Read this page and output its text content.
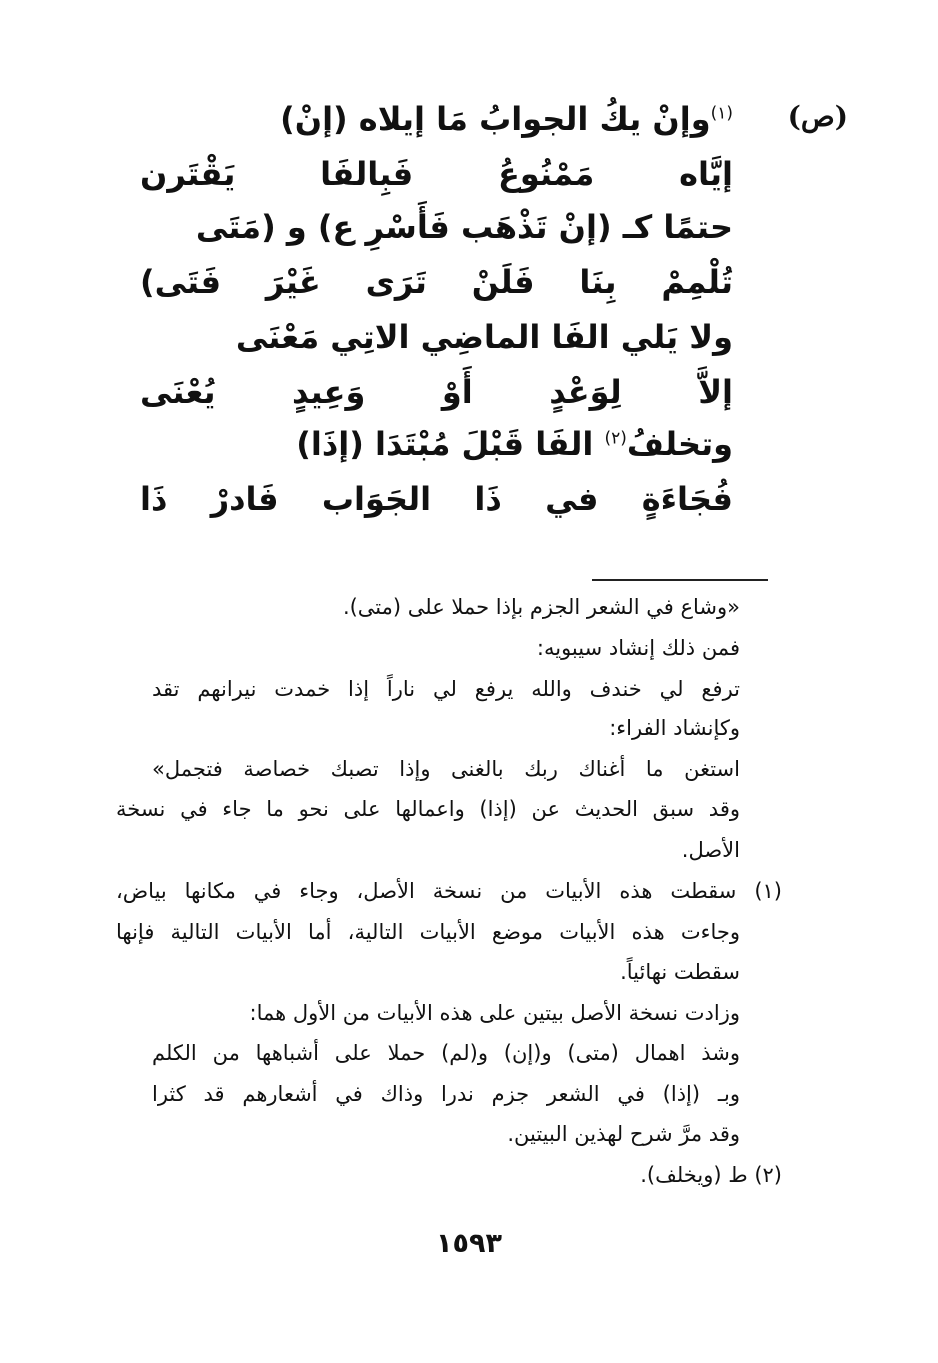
(ص)
$^{(١)}$وإنْ يكُ الجوابُ مَا إيلاه (إنْ)
إيَّاه مَمْنُوعُ فَبِالفَا يَقْتَرن
حتمًا كـ (إنْ تَذْهَب فَأَسْرِ ع) و (مَتَى
تُلْمِمْ بِنَا فَلَنْ تَرَى غَيْرَ فَتَى)
ولا يَلي الفَا الماضِي الاتِي مَعْنَى
إلاَّ لِوَعْدٍ أَوْ وَعِيدٍ يُعْنَى
وتخلفُ$^{(٢)}$ الفَا قَبْلَ مُبْتَدَا (إذَا)
فُجَاءَةٍ في ذَا الجَوَاب فَادرْ ذَا
«وشاع في الشعر الجزم بإذا حملا على (متى).
فمن ذلك إنشاد سيبويه:
ترفع لي خندف والله يرفع لي ناراً إذا خمدت نيرانهم تقد
وكإنشاد الفراء:
استغن ما أغناك ربك بالغنى وإذا تصبك خصاصة فتجمل»
وقد سبق الحديث عن (إذا) واعمالها على نحو ما جاء في نسخة
الأصل.
(١) سقطت هذه الأبيات من نسخة الأصل، وجاء في مكانها بياض،
وجاءت هذه الأبيات موضع الأبيات التالية، أما الأبيات التالية فإنها
سقطت نهائياً.
وزادت نسخة الأصل بيتين على هذه الأبيات من الأول هما:
وشذ اهمال (متى) و(إن) و(لم) حملا على أشباهها من الكلم
وبـ (إذا) في الشعر جزم ندرا وذاك في أشعارهم قد كثرا
وقد مرَّ شرح لهذين البيتين.
(٢) ط (ويخلف).
١٥٩٣
